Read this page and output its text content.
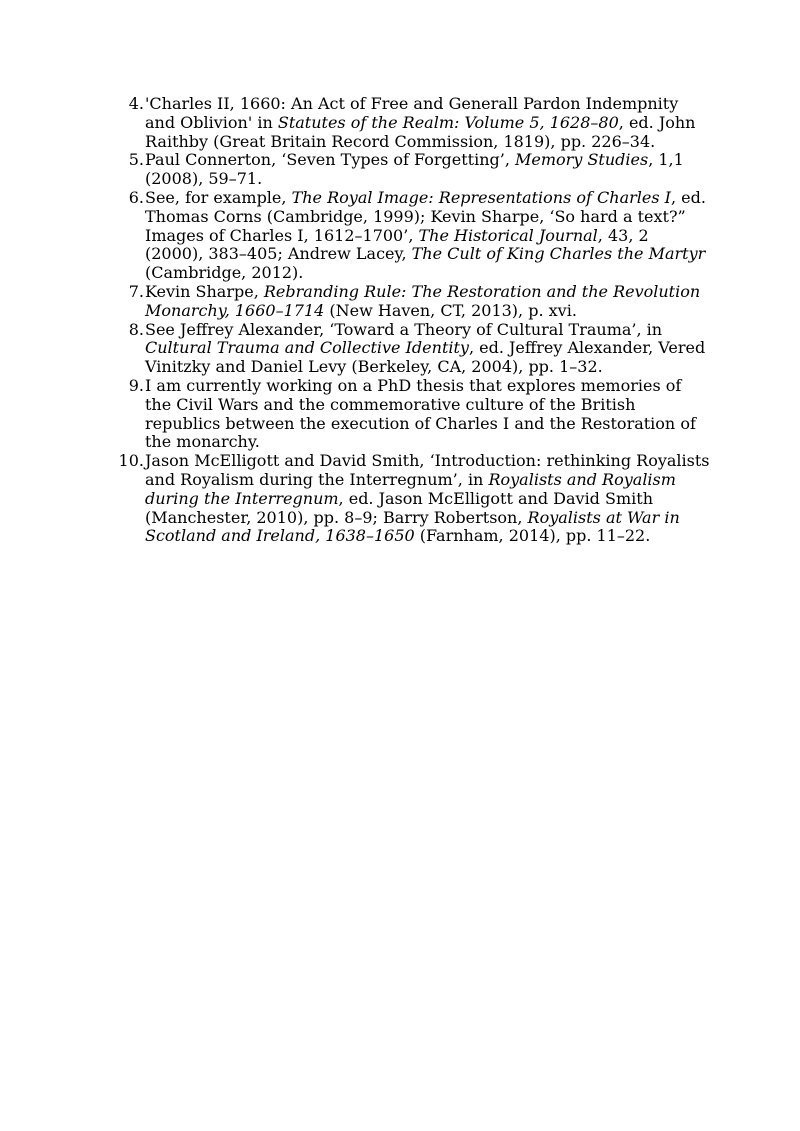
4. 'Charles II, 1660: An Act of Free and Generall Pardon Indempnity and Oblivion' in Statutes of the Realm: Volume 5, 1628–80, ed. John Raithby (Great Britain Record Commission, 1819), pp. 226–34.
5. Paul Connerton, ‘Seven Types of Forgetting’, Memory Studies, 1,1 (2008), 59–71.
6. See, for example, The Royal Image: Representations of Charles I, ed. Thomas Corns (Cambridge, 1999); Kevin Sharpe, ‘So hard a text?” Images of Charles I, 1612–1700’, The Historical Journal, 43, 2 (2000), 383–405; Andrew Lacey, The Cult of King Charles the Martyr (Cambridge, 2012).
7. Kevin Sharpe, Rebranding Rule: The Restoration and the Revolution Monarchy, 1660–1714 (New Haven, CT, 2013), p. xvi.
8. See Jeffrey Alexander, ‘Toward a Theory of Cultural Trauma’, in Cultural Trauma and Collective Identity, ed. Jeffrey Alexander, Vered Vinitzky and Daniel Levy (Berkeley, CA, 2004), pp. 1–32.
9. I am currently working on a PhD thesis that explores memories of the Civil Wars and the commemorative culture of the British republics between the execution of Charles I and the Restoration of the monarchy.
10. Jason McElligott and David Smith, ‘Introduction: rethinking Royalists and Royalism during the Interregnum’, in Royalists and Royalism during the Interregnum, ed. Jason McElligott and David Smith (Manchester, 2010), pp. 8–9; Barry Robertson, Royalists at War in Scotland and Ireland, 1638–1650 (Farnham, 2014), pp. 11–22.
